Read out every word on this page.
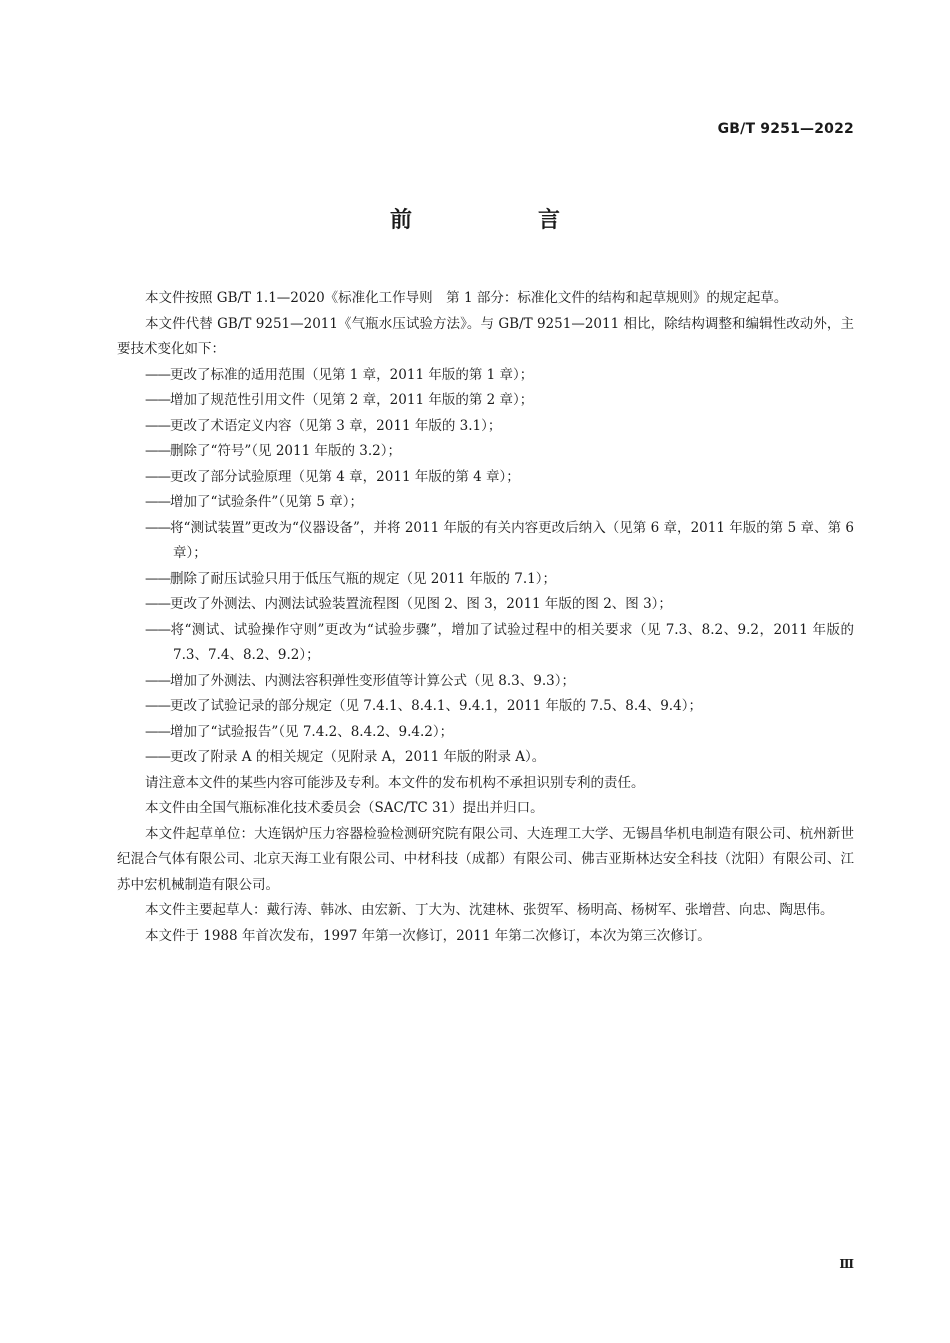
GB/T 9251—2022
前　言

本文件按照 GB/T 1.1—2020《标准化工作导则　第 1 部分：标准化文件的结构和起草规则》的规定起草。

本文件代替 GB/T 9251—2011《气瓶水压试验方法》。与 GB/T 9251—2011 相比，除结构调整和编辑性改动外，主要技术变化如下：

——更改了标准的适用范围（见第 1 章，2011 年版的第 1 章）；

——增加了规范性引用文件（见第 2 章，2011 年版的第 2 章）；

——更改了术语定义内容（见第 3 章，2011 年版的 3.1）；

——删除了“符号”（见 2011 年版的 3.2）；

——更改了部分试验原理（见第 4 章，2011 年版的第 4 章）；

——增加了“试验条件”（见第 5 章）；

——将“测试装置”更改为“仪器设备”，并将 2011 年版的有关内容更改后纳入（见第 6 章，2011 年版的第 5 章、第 6 章）；

——删除了耐压试验只用于低压气瓶的规定（见 2011 年版的 7.1）；

——更改了外测法、内测法试验装置流程图（见图 2、图 3，2011 年版的图 2、图 3）；

——将“测试、试验操作守则”更改为“试验步骤”，增加了试验过程中的相关要求（见 7.3、8.2、9.2，2011 年版的 7.3、7.4、8.2、9.2）；

——增加了外测法、内测法容积弹性变形值等计算公式（见 8.3、9.3）；

——更改了试验记录的部分规定（见 7.4.1、8.4.1、9.4.1，2011 年版的 7.5、8.4、9.4）；

——增加了“试验报告”（见 7.4.2、8.4.2、9.4.2）；

——更改了附录 A 的相关规定（见附录 A，2011 年版的附录 A）。

请注意本文件的某些内容可能涉及专利。本文件的发布机构不承担识别专利的责任。

本文件由全国气瓶标准化技术委员会（SAC/TC 31）提出并归口。

本文件起草单位：大连锅炉压力容器检验检测研究院有限公司、大连理工大学、无锡昌华机电制造有限公司、杭州新世纪混合气体有限公司、北京天海工业有限公司、中材科技（成都）有限公司、佛吉亚斯林达安全科技（沈阳）有限公司、江苏中宏机械制造有限公司。

本文件主要起草人：戴行涛、韩冰、由宏新、丁大为、沈建林、张贺军、杨明高、杨树军、张增营、向忠、陶思伟。

本文件于 1988 年首次发布，1997 年第一次修订，2011 年第二次修订，本次为第三次修订。

Ⅲ
